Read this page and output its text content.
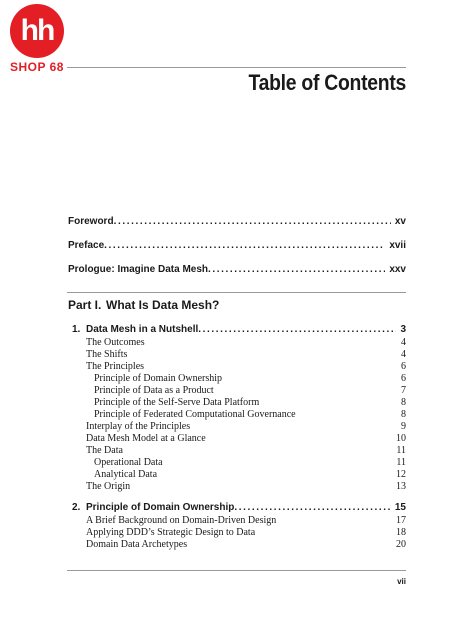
hh
SHOP 68
Table of Contents
Foreword .....	xv
Preface .....	xvii
Prologue: Imagine Data Mesh .....	xxv
Part I. What Is Data Mesh?
1. Data Mesh in a Nutshell .....	3
The Outcomes	4
The Shifts	4
The Principles	6
Principle of Domain Ownership	6
Principle of Data as a Product	7
Principle of the Self-Serve Data Platform	8
Principle of Federated Computational Governance	8
Interplay of the Principles	9
Data Mesh Model at a Glance	10
The Data	11
Operational Data	11
Analytical Data	12
The Origin	13
2. Principle of Domain Ownership .....	15
A Brief Background on Domain-Driven Design	17
Applying DDD’s Strategic Design to Data	18
Domain Data Archetypes	20
vii
